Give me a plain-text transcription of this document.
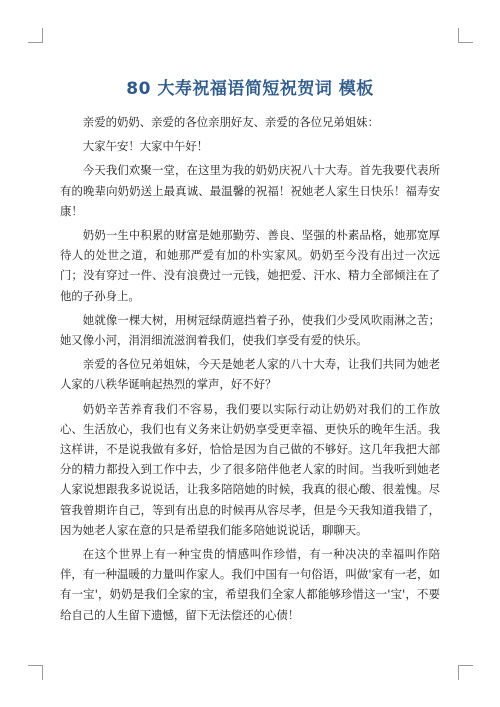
80 大寿祝福语简短祝贺词 模板

亲爱的奶奶、亲爱的各位亲朋好友、亲爱的各位兄弟姐妹：

大家午安！大家中午好！

今天我们欢聚一堂，在这里为我的奶奶庆祝八十大寿。首先我要代表所有的晚辈向奶奶送上最真诚、最温馨的祝福！祝她老人家生日快乐！福寿安康！

奶奶一生中积累的财富是她那勤劳、善良、坚强的朴素品格，她那宽厚待人的处世之道，和她那严爱有加的朴实家风。奶奶至今没有出过一次远门；没有穿过一件、没有浪费过一元钱，她把爱、汗水、精力全部倾注在了他的子孙身上。

她就像一棵大树，用树冠绿荫遮挡着子孙，使我们少受风吹雨淋之苦；她又像小河，涓涓细流滋润着我们，使我们享受有爱的快乐。

亲爱的各位兄弟姐妹，今天是她老人家的八十大寿，让我们共同为她老人家的八秩华诞响起热烈的掌声，好不好？

奶奶辛苦养育我们不容易，我们要以实际行动让奶奶对我们的工作放心、生活放心，我们也有义务来让奶奶享受更幸福、更快乐的晚年生活。我这样讲，不是说我做有多好，恰恰是因为自己做的不够好。这几年我把大部分的精力都投入到工作中去，少了很多陪伴他老人家的时间。当我听到她老人家说想跟我多说说话，让我多陪陪她的时候，我真的很心酸、很羞愧。尽管我曾期许自己，等到有出息的时候再从容尽孝，但是今天我知道我错了，因为她老人家在意的只是希望我们能多陪她说说话，聊聊天。

在这个世界上有一种宝贵的情感叫作珍惜，有一种决决的幸福叫作陪伴，有一种温暖的力量叫作家人。我们中国有一句俗语，叫做'家有一老，如有一宝'，奶奶是我们全家的宝，希望我们全家人都能够珍惜这一'宝'，不要给自己的人生留下遗憾，留下无法偿还的心债！
